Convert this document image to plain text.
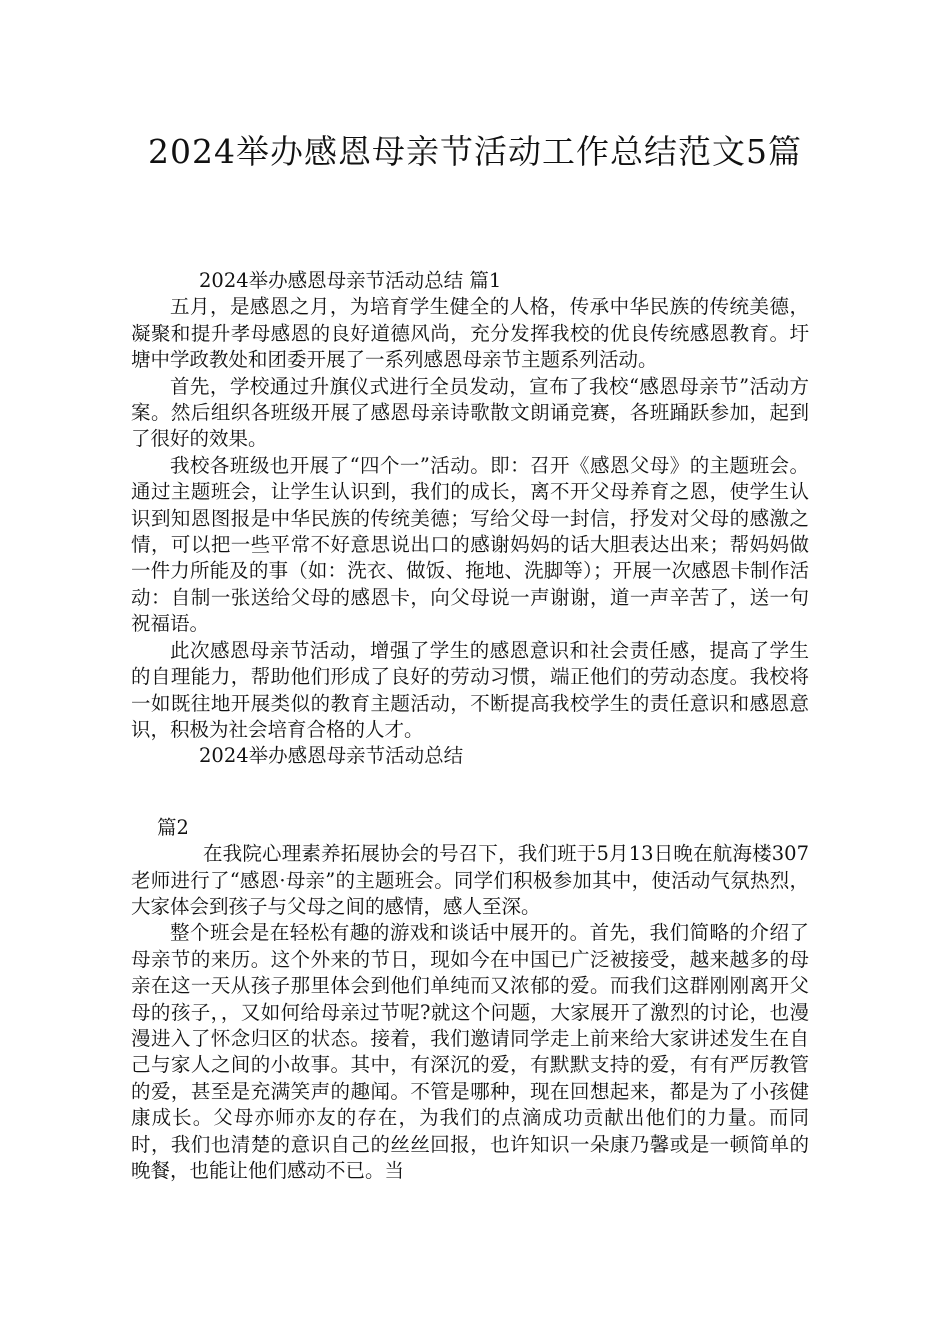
2024举办感恩母亲节活动工作总结范文5篇

2024举办感恩母亲节活动总结 篇1

五月，是感恩之月，为培育学生健全的人格，传承中华民族的传统美德，凝聚和提升孝母感恩的良好道德风尚，充分发挥我校的优良传统感恩教育。圩塘中学政教处和团委开展了一系列感恩母亲节主题系列活动。

首先，学校通过升旗仪式进行全员发动，宣布了我校“感恩母亲节”活动方案。然后组织各班级开展了感恩母亲诗歌散文朗诵竞赛，各班踊跃参加，起到了很好的效果。

我校各班级也开展了“四个一”活动。即：召开《感恩父母》的主题班会。通过主题班会，让学生认识到，我们的成长，离不开父母养育之恩，使学生认识到知恩图报是中华民族的传统美德；写给父母一封信，抒发对父母的感激之情，可以把一些平常不好意思说出口的感谢妈妈的话大胆表达出来；帮妈妈做一件力所能及的事（如：洗衣、做饭、拖地、洗脚等）；开展一次感恩卡制作活动：自制一张送给父母的感恩卡，向父母说一声谢谢，道一声辛苦了，送一句祝福语。

此次感恩母亲节活动，增强了学生的感恩意识和社会责任感，提高了学生的自理能力，帮助他们形成了良好的劳动习惯，端正他们的劳动态度。我校将一如既往地开展类似的教育主题活动，不断提高我校学生的责任意识和感恩意识，积极为社会培育合格的人才。

2024举办感恩母亲节活动总结

篇2

在我院心理素养拓展协会的号召下，我们班于5月13日晚在航海楼307老师进行了“感恩·母亲”的主题班会。同学们积极参加其中，使活动气氛热烈，大家体会到孩子与父母之间的感情，感人至深。

整个班会是在轻松有趣的游戏和谈话中展开的。首先，我们简略的介绍了母亲节的来历。这个外来的节日，现如今在中国已广泛被接受，越来越多的母亲在这一天从孩子那里体会到他们单纯而又浓郁的爱。而我们这群刚刚离开父母的孩子，，又如何给母亲过节呢?就这个问题，大家展开了激烈的讨论，也漫漫进入了怀念归区的状态。接着，我们邀请同学走上前来给大家讲述发生在自己与家人之间的小故事。其中，有深沉的爱，有默默支持的爱，有有严厉教管的爱，甚至是充满笑声的趣闻。不管是哪种，现在回想起来，都是为了小孩健康成长。父母亦师亦友的存在，为我们的点滴成功贡献出他们的力量。而同时，我们也清楚的意识自己的丝丝回报，也许知识一朵康乃馨或是一顿简单的晚餐，也能让他们感动不已。当
